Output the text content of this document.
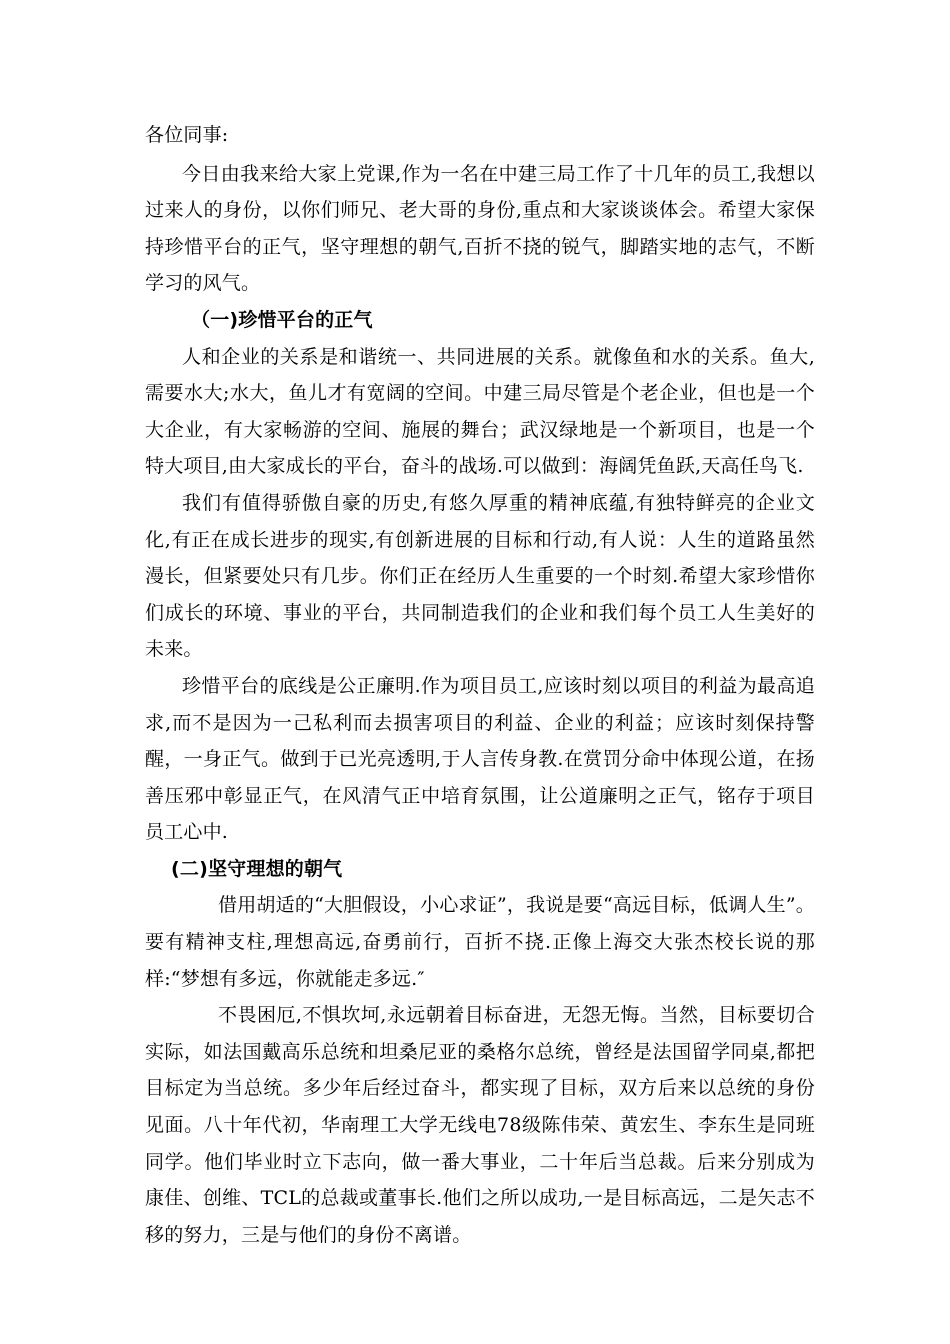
各位同事:

今日由我来给大家上党课,作为一名在中建三局工作了十几年的员工,我想以过来人的身份，以你们师兄、老大哥的身份,重点和大家谈谈体会。希望大家保持珍惜平台的正气，坚守理想的朝气,百折不挠的锐气，脚踏实地的志气，不断学习的风气。

（一)珍惜平台的正气

人和企业的关系是和谐统一、共同进展的关系。就像鱼和水的关系。鱼大,需要水大;水大，鱼儿才有宽阔的空间。中建三局尽管是个老企业，但也是一个大企业，有大家畅游的空间、施展的舞台；武汉绿地是一个新项目，也是一个特大项目,由大家成长的平台，奋斗的战场.可以做到：海阔凭鱼跃,天高任鸟飞.

我们有值得骄傲自豪的历史,有悠久厚重的精神底蕴,有独特鲜亮的企业文化,有正在成长进步的现实,有创新进展的目标和行动,有人说：人生的道路虽然漫长，但紧要处只有几步。你们正在经历人生重要的一个时刻.希望大家珍惜你们成长的环境、事业的平台，共同制造我们的企业和我们每个员工人生美好的未来。

珍惜平台的底线是公正廉明.作为项目员工,应该时刻以项目的利益为最高追求,而不是因为一己私利而去损害项目的利益、企业的利益；应该时刻保持警醒，一身正气。做到于已光亮透明,于人言传身教.在赏罚分命中体现公道，在扬善压邪中彰显正气，在风清气正中培育氛围，让公道廉明之正气，铭存于项目员工心中.

(二)坚守理想的朝气

借用胡适的“大胆假设，小心求证”，我说是要“高远目标，低调人生”。要有精神支柱,理想高远,奋勇前行，百折不挠.正像上海交大张杰校长说的那样:“梦想有多远，你就能走多远.″

不畏困厄,不惧坎坷,永远朝着目标奋进，无怨无悔。当然，目标要切合实际，如法国戴高乐总统和坦桑尼亚的桑格尔总统，曾经是法国留学同桌,都把目标定为当总统。多少年后经过奋斗，都实现了目标，双方后来以总统的身份见面。八十年代初，华南理工大学无线电78级陈伟荣、黄宏生、李东生是同班同学。他们毕业时立下志向，做一番大事业，二十年后当总裁。后来分别成为康佳、创维、TCL的总裁或董事长.他们之所以成功,一是目标高远，二是矢志不移的努力，三是与他们的身份不离谱。
